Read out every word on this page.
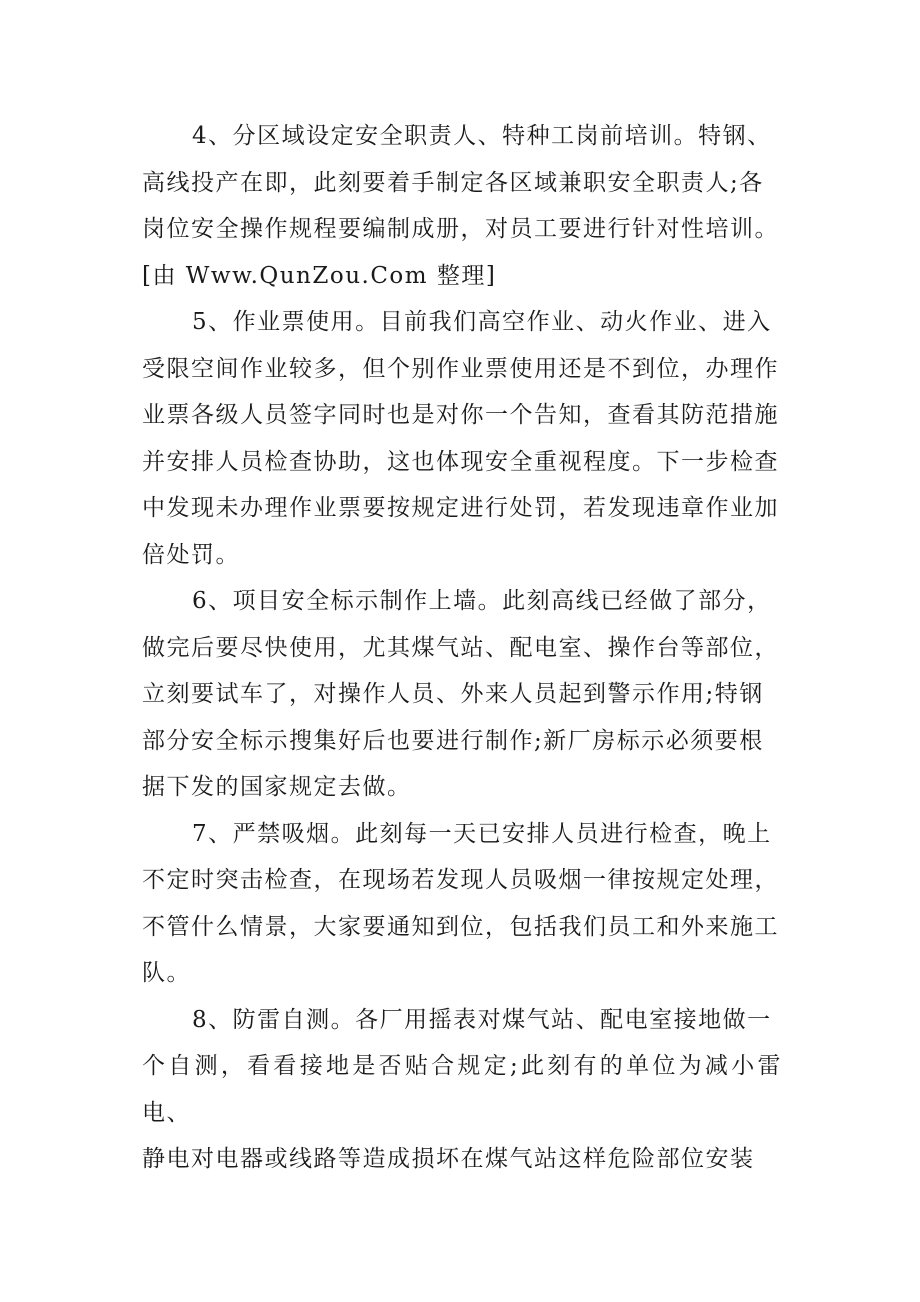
4、分区域设定安全职责人、特种工岗前培训。特钢、
高线投产在即，此刻要着手制定各区域兼职安全职责人;各
岗位安全操作规程要编制成册，对员工要进行针对性培训。
[由 Www.QunZou.Com 整理]
5、作业票使用。目前我们高空作业、动火作业、进入
受限空间作业较多，但个别作业票使用还是不到位，办理作
业票各级人员签字同时也是对你一个告知，查看其防范措施
并安排人员检查协助，这也体现安全重视程度。下一步检查
中发现未办理作业票要按规定进行处罚，若发现违章作业加
倍处罚。
6、项目安全标示制作上墙。此刻高线已经做了部分，
做完后要尽快使用，尤其煤气站、配电室、操作台等部位，
立刻要试车了，对操作人员、外来人员起到警示作用;特钢
部分安全标示搜集好后也要进行制作;新厂房标示必须要根
据下发的国家规定去做。
7、严禁吸烟。此刻每一天已安排人员进行检查，晚上
不定时突击检查，在现场若发现人员吸烟一律按规定处理，
不管什么情景，大家要通知到位，包括我们员工和外来施工
队。
8、防雷自测。各厂用摇表对煤气站、配电室接地做一
个自测，看看接地是否贴合规定;此刻有的单位为减小雷电、
静电对电器或线路等造成损坏在煤气站这样危险部位安装
